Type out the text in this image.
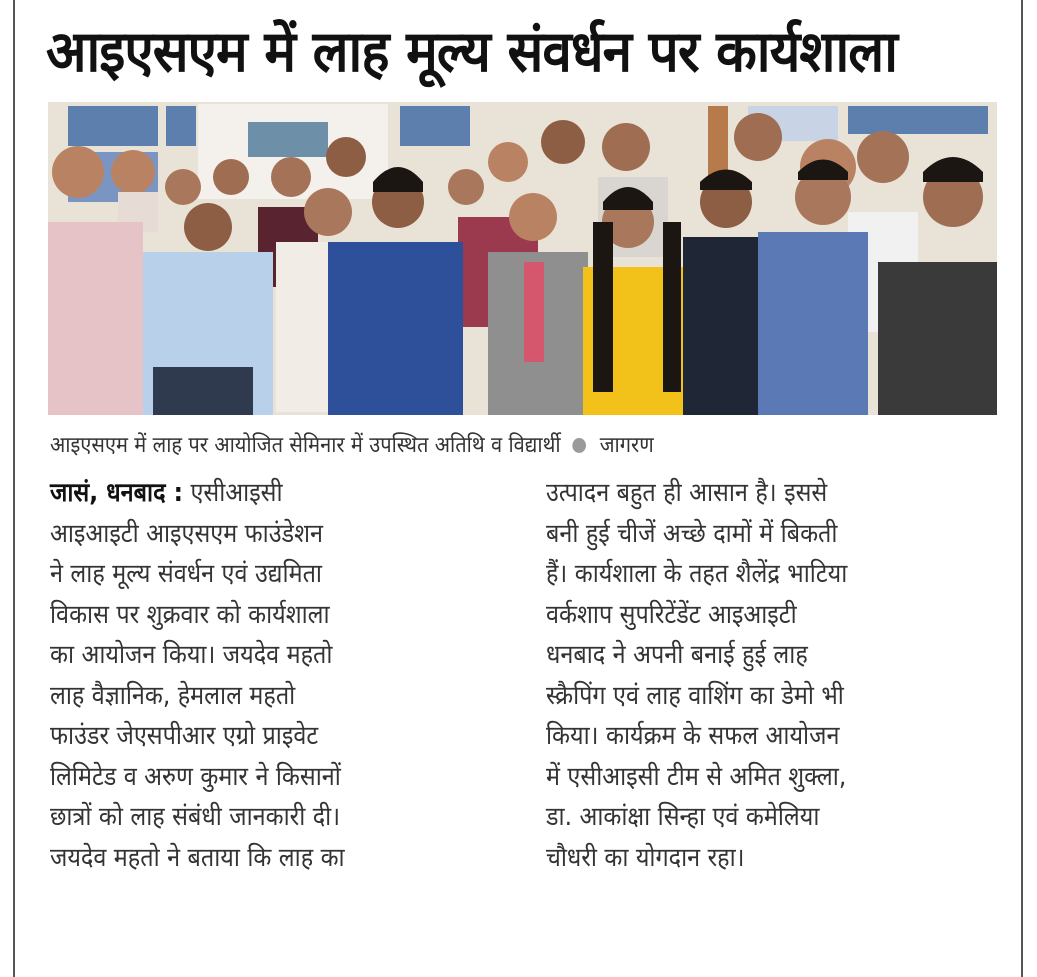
आइएसएम में लाह मूल्य संवर्धन पर कार्यशाला
आइएसएम में लाह पर आयोजित सेमिनार में उपस्थित अतिथि व विद्यार्थी जागरण
जासं, धनबाद : एसीआइसी
आइआइटी आइएसएम फाउंडेशन
ने लाह मूल्य संवर्धन एवं उद्यमिता
विकास पर शुक्रवार को कार्यशाला
का आयोजन किया। जयदेव महतो
लाह वैज्ञानिक, हेमलाल महतो
फाउंडर जेएसपीआर एग्रो प्राइवेट
लिमिटेड व अरुण कुमार ने किसानों
छात्रों को लाह संबंधी जानकारी दी।
जयदेव महतो ने बताया कि लाह का
उत्पादन बहुत ही आसान है। इससे
बनी हुई चीजें अच्छे दामों में बिकती
हैं। कार्यशाला के तहत शैलेंद्र भाटिया
वर्कशाप सुपरिटेंडेंट आइआइटी
धनबाद ने अपनी बनाई हुई लाह
स्क्रैपिंग एवं लाह वाशिंग का डेमो भी
किया। कार्यक्रम के सफल आयोजन
में एसीआइसी टीम से अमित शुक्ला,
डा. आकांक्षा सिन्हा एवं कमेलिया
चौधरी का योगदान रहा।
